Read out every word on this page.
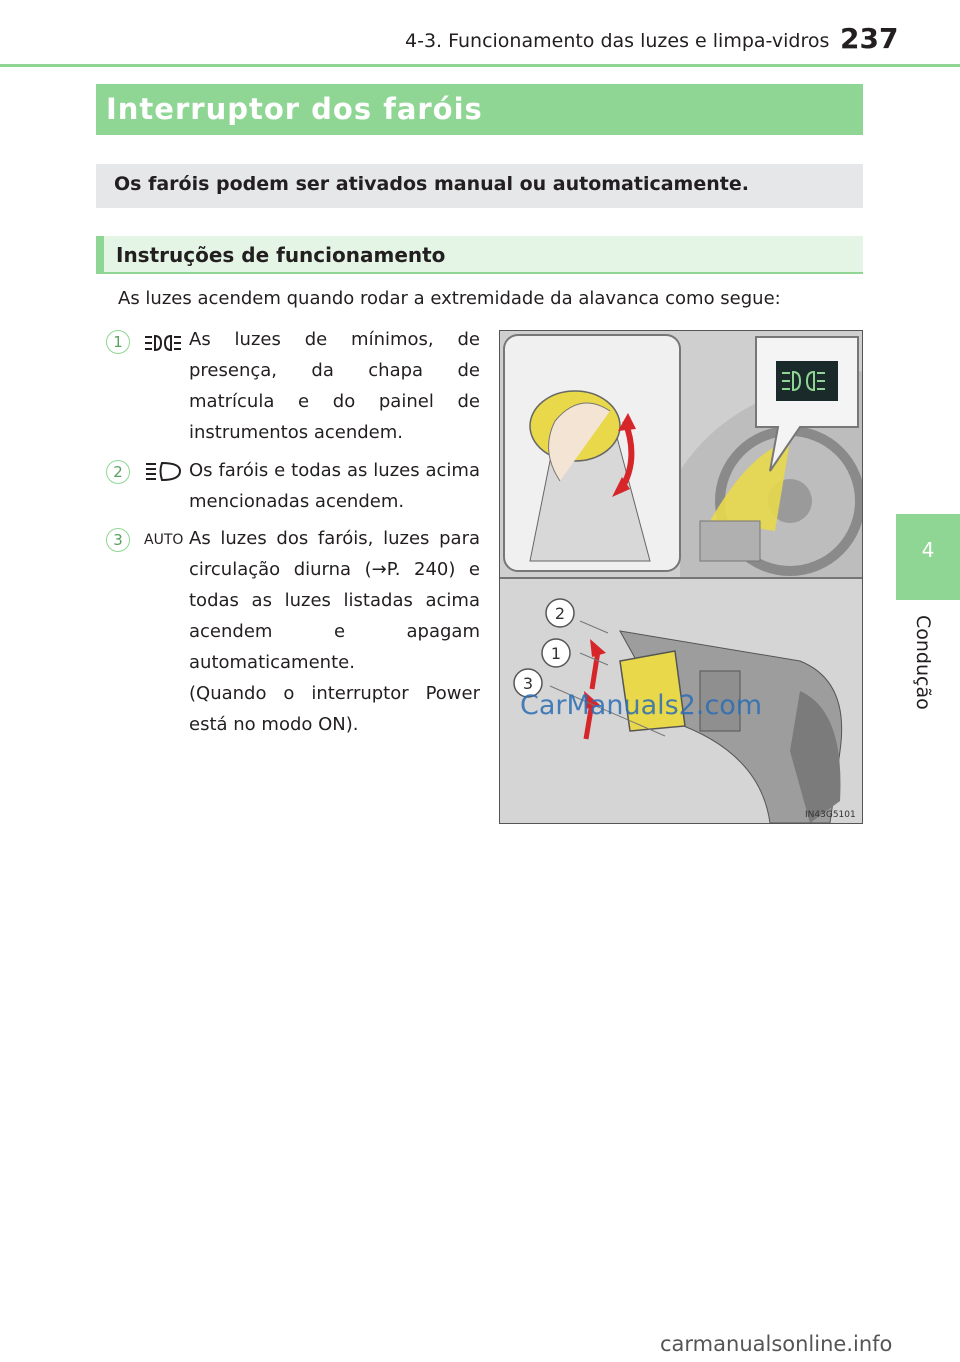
4-3. Funcionamento das luzes e limpa-vidros 237
4
Condução
Interruptor dos faróis
Os faróis podem ser ativados manual ou automaticamente.
Instruções de funcionamento
As luzes acendem quando rodar a extremidade da alavanca como segue:
1	As luzes de mínimos, de presença, da chapa de matrícula e do painel de instrumentos acendem.
2	Os faróis e todas as luzes acima mencionadas acendem.
3	AUTO As luzes dos faróis, luzes para circulação diurna (→P. 240) e todas as luzes listadas acima acendem e apagam automaticamente.
(Quando o interruptor Power está no modo ON).
2
1
3
IN43G5101
CarManuals2.com
carmanualsonline.info
